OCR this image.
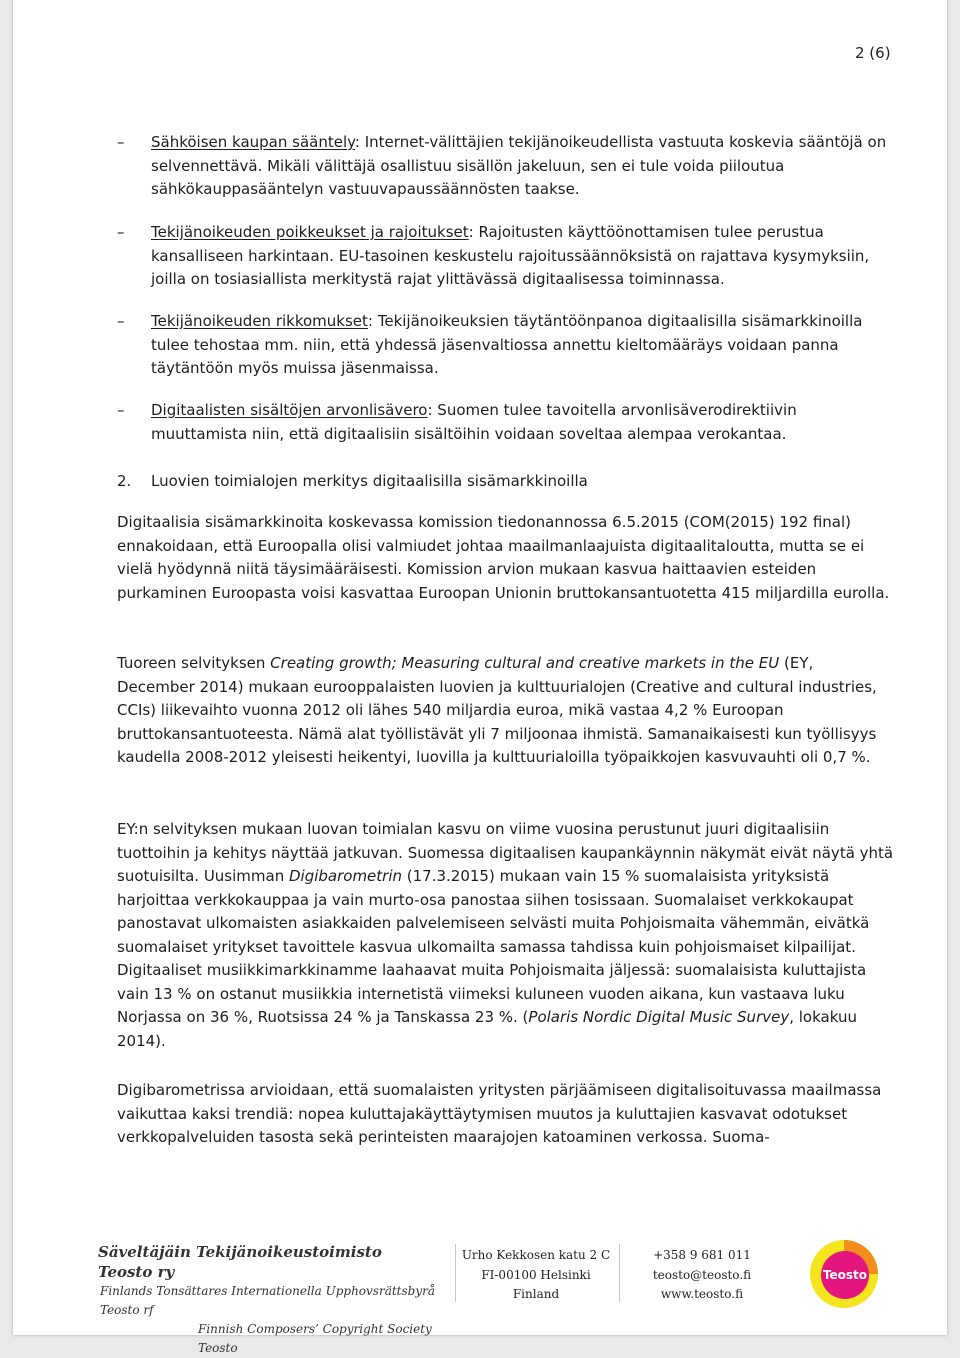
2 (6)
–	Sähköisen kaupan sääntely: Internet-välittäjien tekijänoikeudellista vastuuta koskevia sääntöjä on selvennettävä. Mikäli välittäjä osallistuu sisällön jakeluun, sen ei tule voida piiloutua sähkökauppasääntelyn vastuuvapaussäännösten taakse.
–	Tekijänoikeuden poikkeukset ja rajoitukset: Rajoitusten käyttöönottamisen tulee perustua kansalliseen harkintaan. EU-tasoinen keskustelu rajoitussäännöksistä on rajattava kysymyksiin, joilla on tosiasiallista merkitystä rajat ylittävässä digitaalisessa toiminnassa.
–	Tekijänoikeuden rikkomukset: Tekijänoikeuksien täytäntöönpanoa digitaalisilla sisämarkkinoilla tulee tehostaa mm. niin, että yhdessä jäsenvaltiossa annettu kieltomääräys voidaan panna täytäntöön myös muissa jäsenmaissa.
–	Digitaalisten sisältöjen arvonlisävero: Suomen tulee tavoitella arvonlisäverodirektiivin muuttamista niin, että digitaalisiin sisältöihin voidaan soveltaa alempaa verokantaa.
2. Luovien toimialojen merkitys digitaalisilla sisämarkkinoilla
Digitaalisia sisämarkkinoita koskevassa komission tiedonannossa 6.5.2015 (COM(2015) 192 final) ennakoidaan, että Euroopalla olisi valmiudet johtaa maailmanlaajuista digitaalitaloutta, mutta se ei vielä hyödynnä niitä täysimääräisesti. Komission arvion mukaan kasvua haittaavien esteiden purkaminen Euroopasta voisi kasvattaa Euroopan Unionin bruttokansantuotetta 415 miljardilla eurolla.
Tuoreen selvityksen Creating growth; Measuring cultural and creative markets in the EU (EY, December 2014) mukaan eurooppalaisten luovien ja kulttuurialojen (Creative and cultural industries, CCIs) liikevaihto vuonna 2012 oli lähes 540 miljardia euroa, mikä vastaa 4,2 % Euroopan bruttokansantuoteesta. Nämä alat työllistävät yli 7 miljoonaa ihmistä. Samanaikaisesti kun työllisyys kaudella 2008-2012 yleisesti heikentyi, luovilla ja kulttuurialoilla työpaikkojen kasvuvauhti oli 0,7 %.
EY:n selvityksen mukaan luovan toimialan kasvu on viime vuosina perustunut juuri digitaalisiin tuottoihin ja kehitys näyttää jatkuvan. Suomessa digitaalisen kaupankäynnin näkymät eivät näytä yhtä suotuisilta. Uusimman Digibarometrin (17.3.2015) mukaan vain 15 % suomalaisista yrityksistä harjoittaa verkkokauppaa ja vain murto-osa panostaa siihen tosissaan. Suomalaiset verkkokaupat panostavat ulkomaisten asiakkaiden palvelemiseen selvästi muita Pohjoismaita vähemmän, eivätkä suomalaiset yritykset tavoittele kasvua ulkomailta samassa tahdissa kuin pohjoismaiset kilpailijat. Digitaaliset musiikkimarkkinamme laahaavat muita Pohjoismaita jäljessä: suomalaisista kuluttajista vain 13 % on ostanut musiikkia internetistä viimeksi kuluneen vuoden aikana, kun vastaava luku Norjassa on 36 %, Ruotsissa 24 % ja Tanskassa 23 %. (Polaris Nordic Digital Music Survey, lokakuu 2014).
Digibarometrissa arvioidaan, että suomalaisten yritysten pärjäämiseen digitalisoituvassa maailmassa vaikuttaa kaksi trendiä: nopea kuluttajakäyttäytymisen muutos ja kuluttajien kasvavat odotukset verkkopalveluiden tasosta sekä perinteisten maarajojen katoaminen verkossa. Suoma-
Säveltäjäin Tekijänoikeustoimisto Teosto ry
Finlands Tonsättares Internationella Upphovsrättsbyrå Teosto rf
Finnish Composers’ Copyright Society Teosto
Urho Kekkosen katu 2 C
FI-00100 Helsinki
Finland
+358 9 681 011
teosto@teosto.fi
www.teosto.fi
Teosto
